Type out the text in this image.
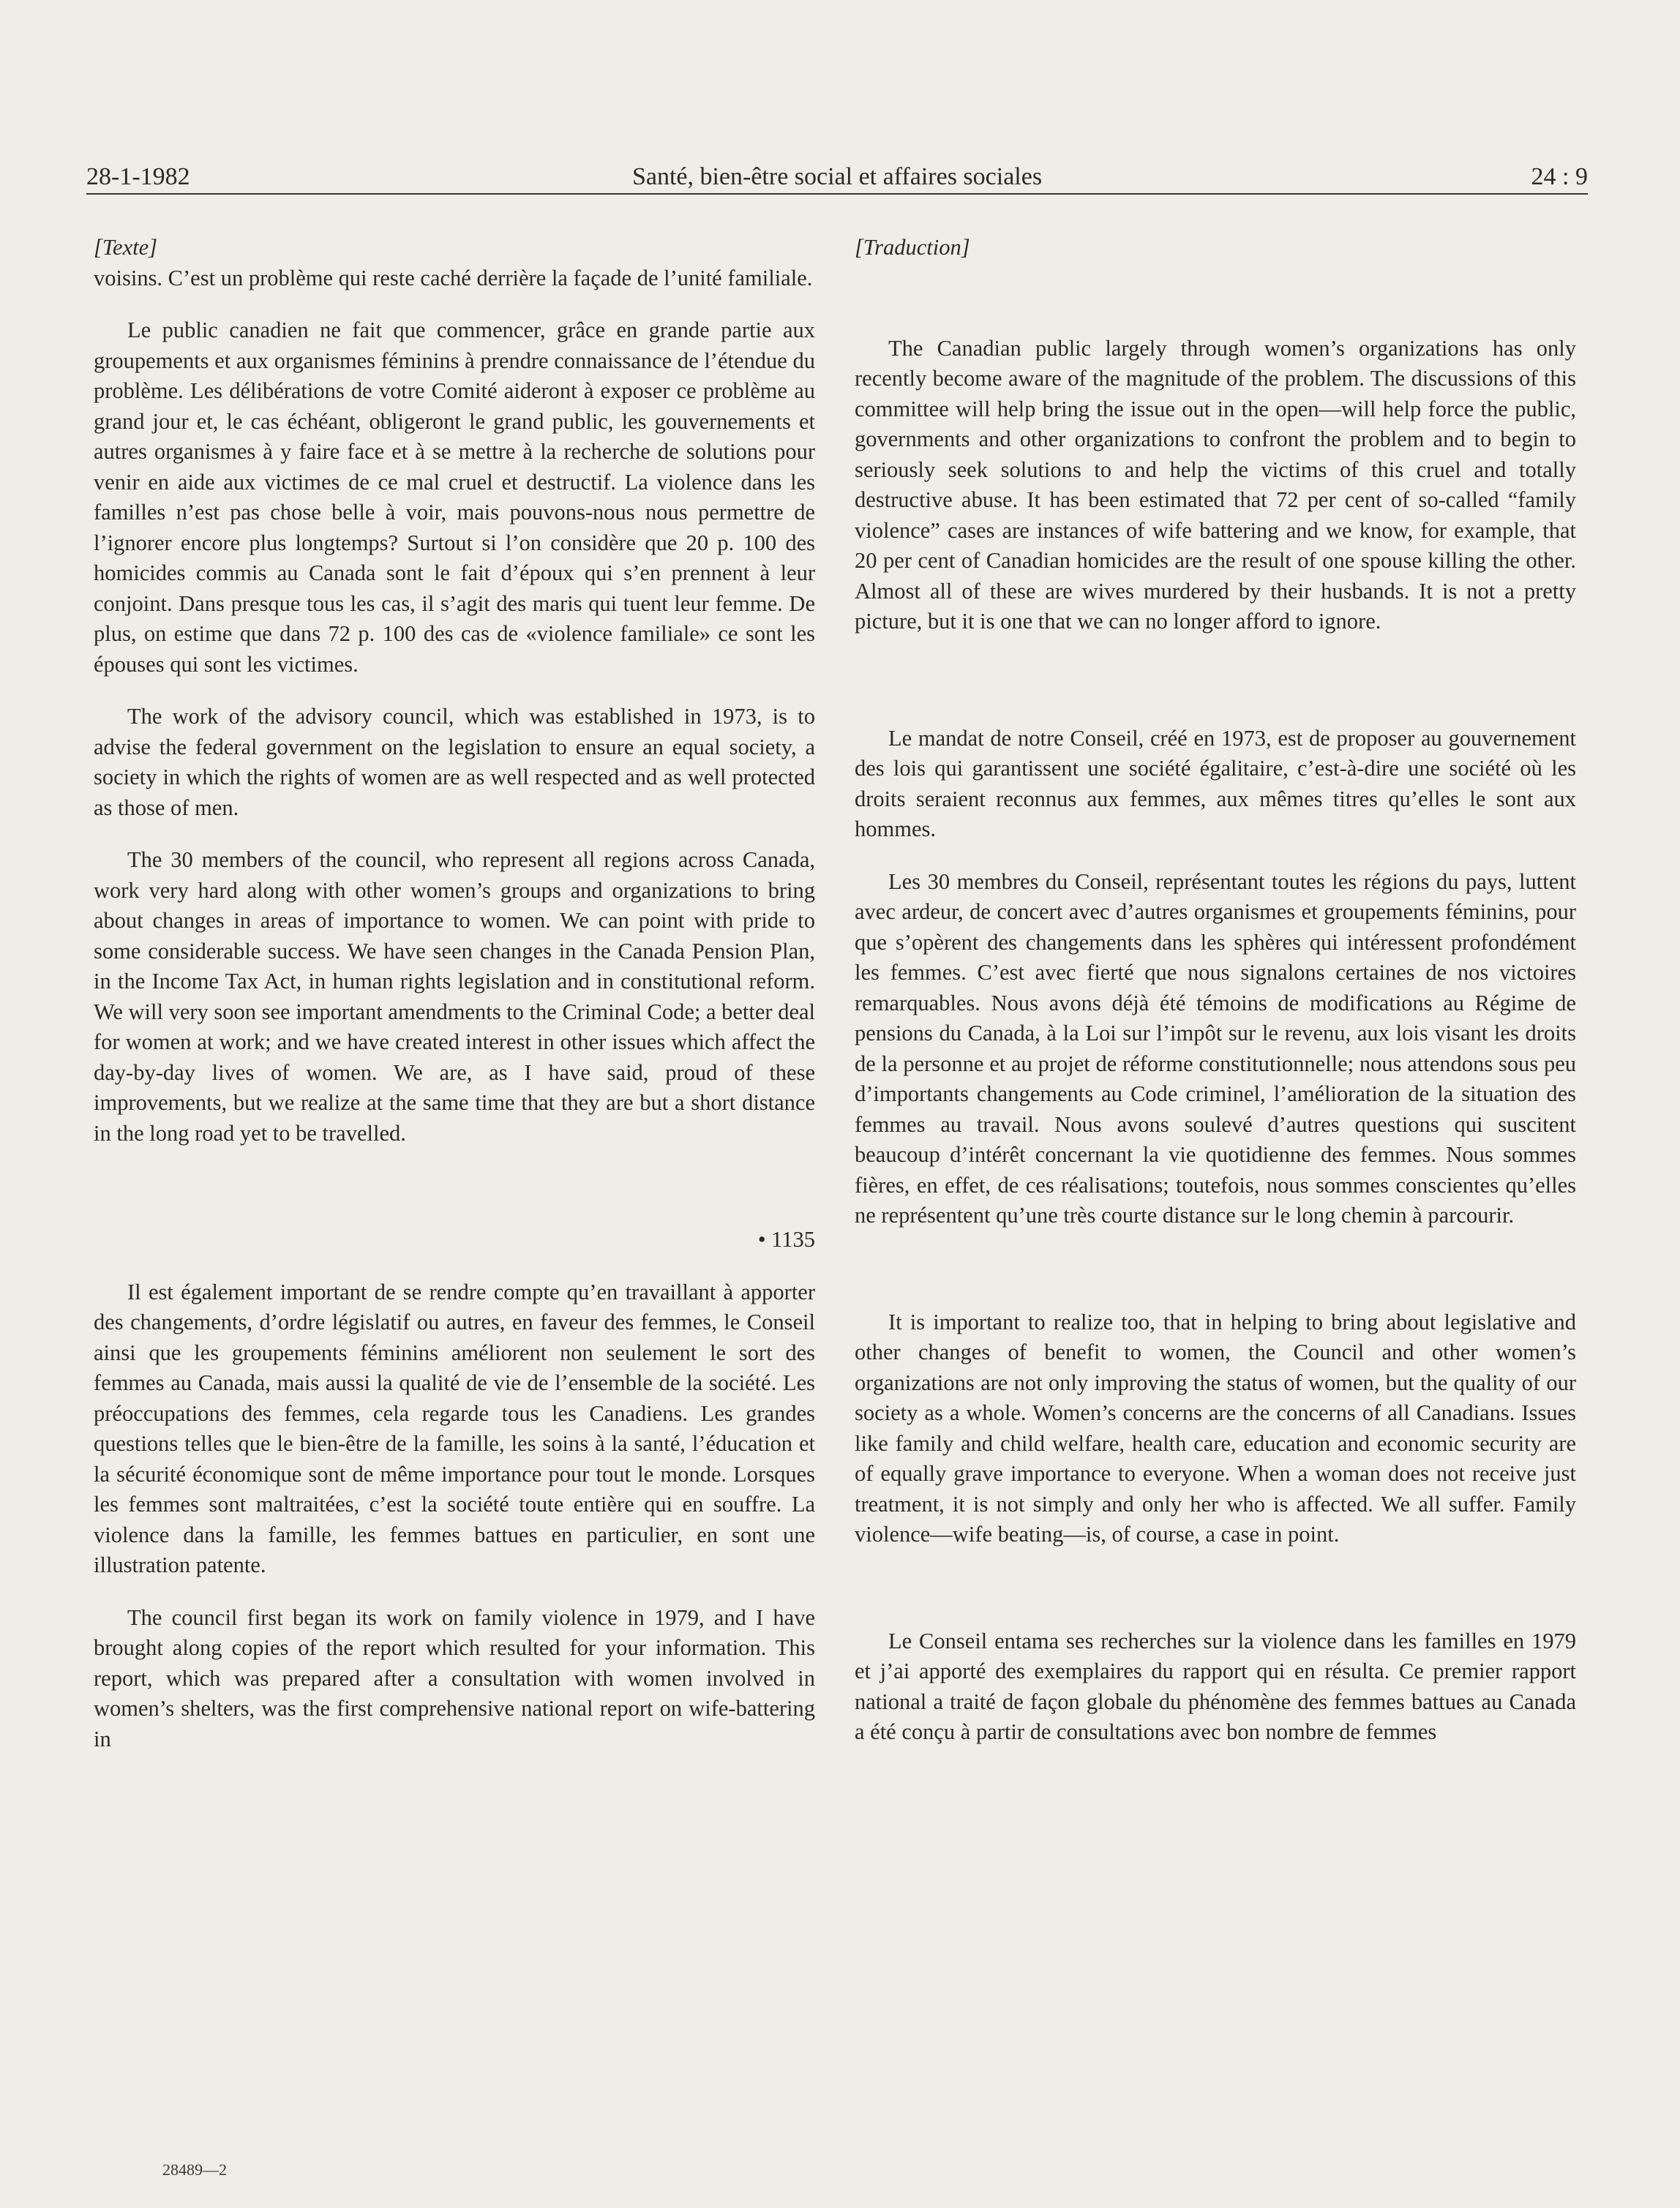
28-1-1982	Santé, bien-être social et affaires sociales	24 : 9

[Texte]

voisins. C’est un problème qui reste caché derrière la façade de l’unité familiale.

Le public canadien ne fait que commencer, grâce en grande partie aux groupements et aux organismes féminins à prendre connaissance de l’étendue du problème. Les délibérations de votre Comité aideront à exposer ce problème au grand jour et, le cas échéant, obligeront le grand public, les gouvernements et autres organismes à y faire face et à se mettre à la recherche de solutions pour venir en aide aux victimes de ce mal cruel et destructif. La violence dans les familles n’est pas chose belle à voir, mais pouvons-nous nous permettre de l’ignorer encore plus longtemps? Surtout si l’on considère que 20 p. 100 des homicides commis au Canada sont le fait d’époux qui s’en prennent à leur conjoint. Dans presque tous les cas, il s’agit des maris qui tuent leur femme. De plus, on estime que dans 72 p. 100 des cas de «violence familiale» ce sont les épouses qui sont les victimes.

The work of the advisory council, which was established in 1973, is to advise the federal government on the legislation to ensure an equal society, a society in which the rights of women are as well respected and as well protected as those of men.

The 30 members of the council, who represent all regions across Canada, work very hard along with other women’s groups and organizations to bring about changes in areas of importance to women. We can point with pride to some considerable success. We have seen changes in the Canada Pension Plan, in the Income Tax Act, in human rights legislation and in constitutional reform. We will very soon see important amendments to the Criminal Code; a better deal for women at work; and we have created interest in other issues which affect the day-by-day lives of women. We are, as I have said, proud of these improvements, but we realize at the same time that they are but a short distance in the long road yet to be travelled.

• 1135

Il est également important de se rendre compte qu’en travaillant à apporter des changements, d’ordre législatif ou autres, en faveur des femmes, le Conseil ainsi que les groupements féminins améliorent non seulement le sort des femmes au Canada, mais aussi la qualité de vie de l’ensemble de la société. Les préoccupations des femmes, cela regarde tous les Canadiens. Les grandes questions telles que le bien-être de la famille, les soins à la santé, l’éducation et la sécurité économique sont de même importance pour tout le monde. Lorsques les femmes sont maltraitées, c’est la société toute entière qui en souffre. La violence dans la famille, les femmes battues en particulier, en sont une illustration patente.

The council first began its work on family violence in 1979, and I have brought along copies of the report which resulted for your information. This report, which was prepared after a consultation with women involved in women’s shelters, was the first comprehensive national report on wife-battering in

[Traduction]

The Canadian public largely through women’s organizations has only recently become aware of the magnitude of the problem. The discussions of this committee will help bring the issue out in the open—will help force the public, governments and other organizations to confront the problem and to begin to seriously seek solutions to and help the victims of this cruel and totally destructive abuse. It has been estimated that 72 per cent of so-called “family violence” cases are instances of wife battering and we know, for example, that 20 per cent of Canadian homicides are the result of one spouse killing the other. Almost all of these are wives murdered by their husbands. It is not a pretty picture, but it is one that we can no longer afford to ignore.

Le mandat de notre Conseil, créé en 1973, est de proposer au gouvernement des lois qui garantissent une société égalitaire, c’est-à-dire une société où les droits seraient reconnus aux femmes, aux mêmes titres qu’elles le sont aux hommes.

Les 30 membres du Conseil, représentant toutes les régions du pays, luttent avec ardeur, de concert avec d’autres organismes et groupements féminins, pour que s’opèrent des changements dans les sphères qui intéressent profondément les femmes. C’est avec fierté que nous signalons certaines de nos victoires remarquables. Nous avons déjà été témoins de modifications au Régime de pensions du Canada, à la Loi sur l’impôt sur le revenu, aux lois visant les droits de la personne et au projet de réforme constitutionnelle; nous attendons sous peu d’importants changements au Code criminel, l’amélioration de la situation des femmes au travail. Nous avons soulevé d’autres questions qui suscitent beaucoup d’intérêt concernant la vie quotidienne des femmes. Nous sommes fières, en effet, de ces réalisations; toutefois, nous sommes conscientes qu’elles ne représentent qu’une très courte distance sur le long chemin à parcourir.

It is important to realize too, that in helping to bring about legislative and other changes of benefit to women, the Council and other women’s organizations are not only improving the status of women, but the quality of our society as a whole. Women’s concerns are the concerns of all Canadians. Issues like family and child welfare, health care, education and economic security are of equally grave importance to everyone. When a woman does not receive just treatment, it is not simply and only her who is affected. We all suffer. Family violence—wife beating—is, of course, a case in point.

Le Conseil entama ses recherches sur la violence dans les familles en 1979 et j’ai apporté des exemplaires du rapport qui en résulta. Ce premier rapport national a traité de façon globale du phénomène des femmes battues au Canada a été conçu à partir de consultations avec bon nombre de femmes

28489—2
